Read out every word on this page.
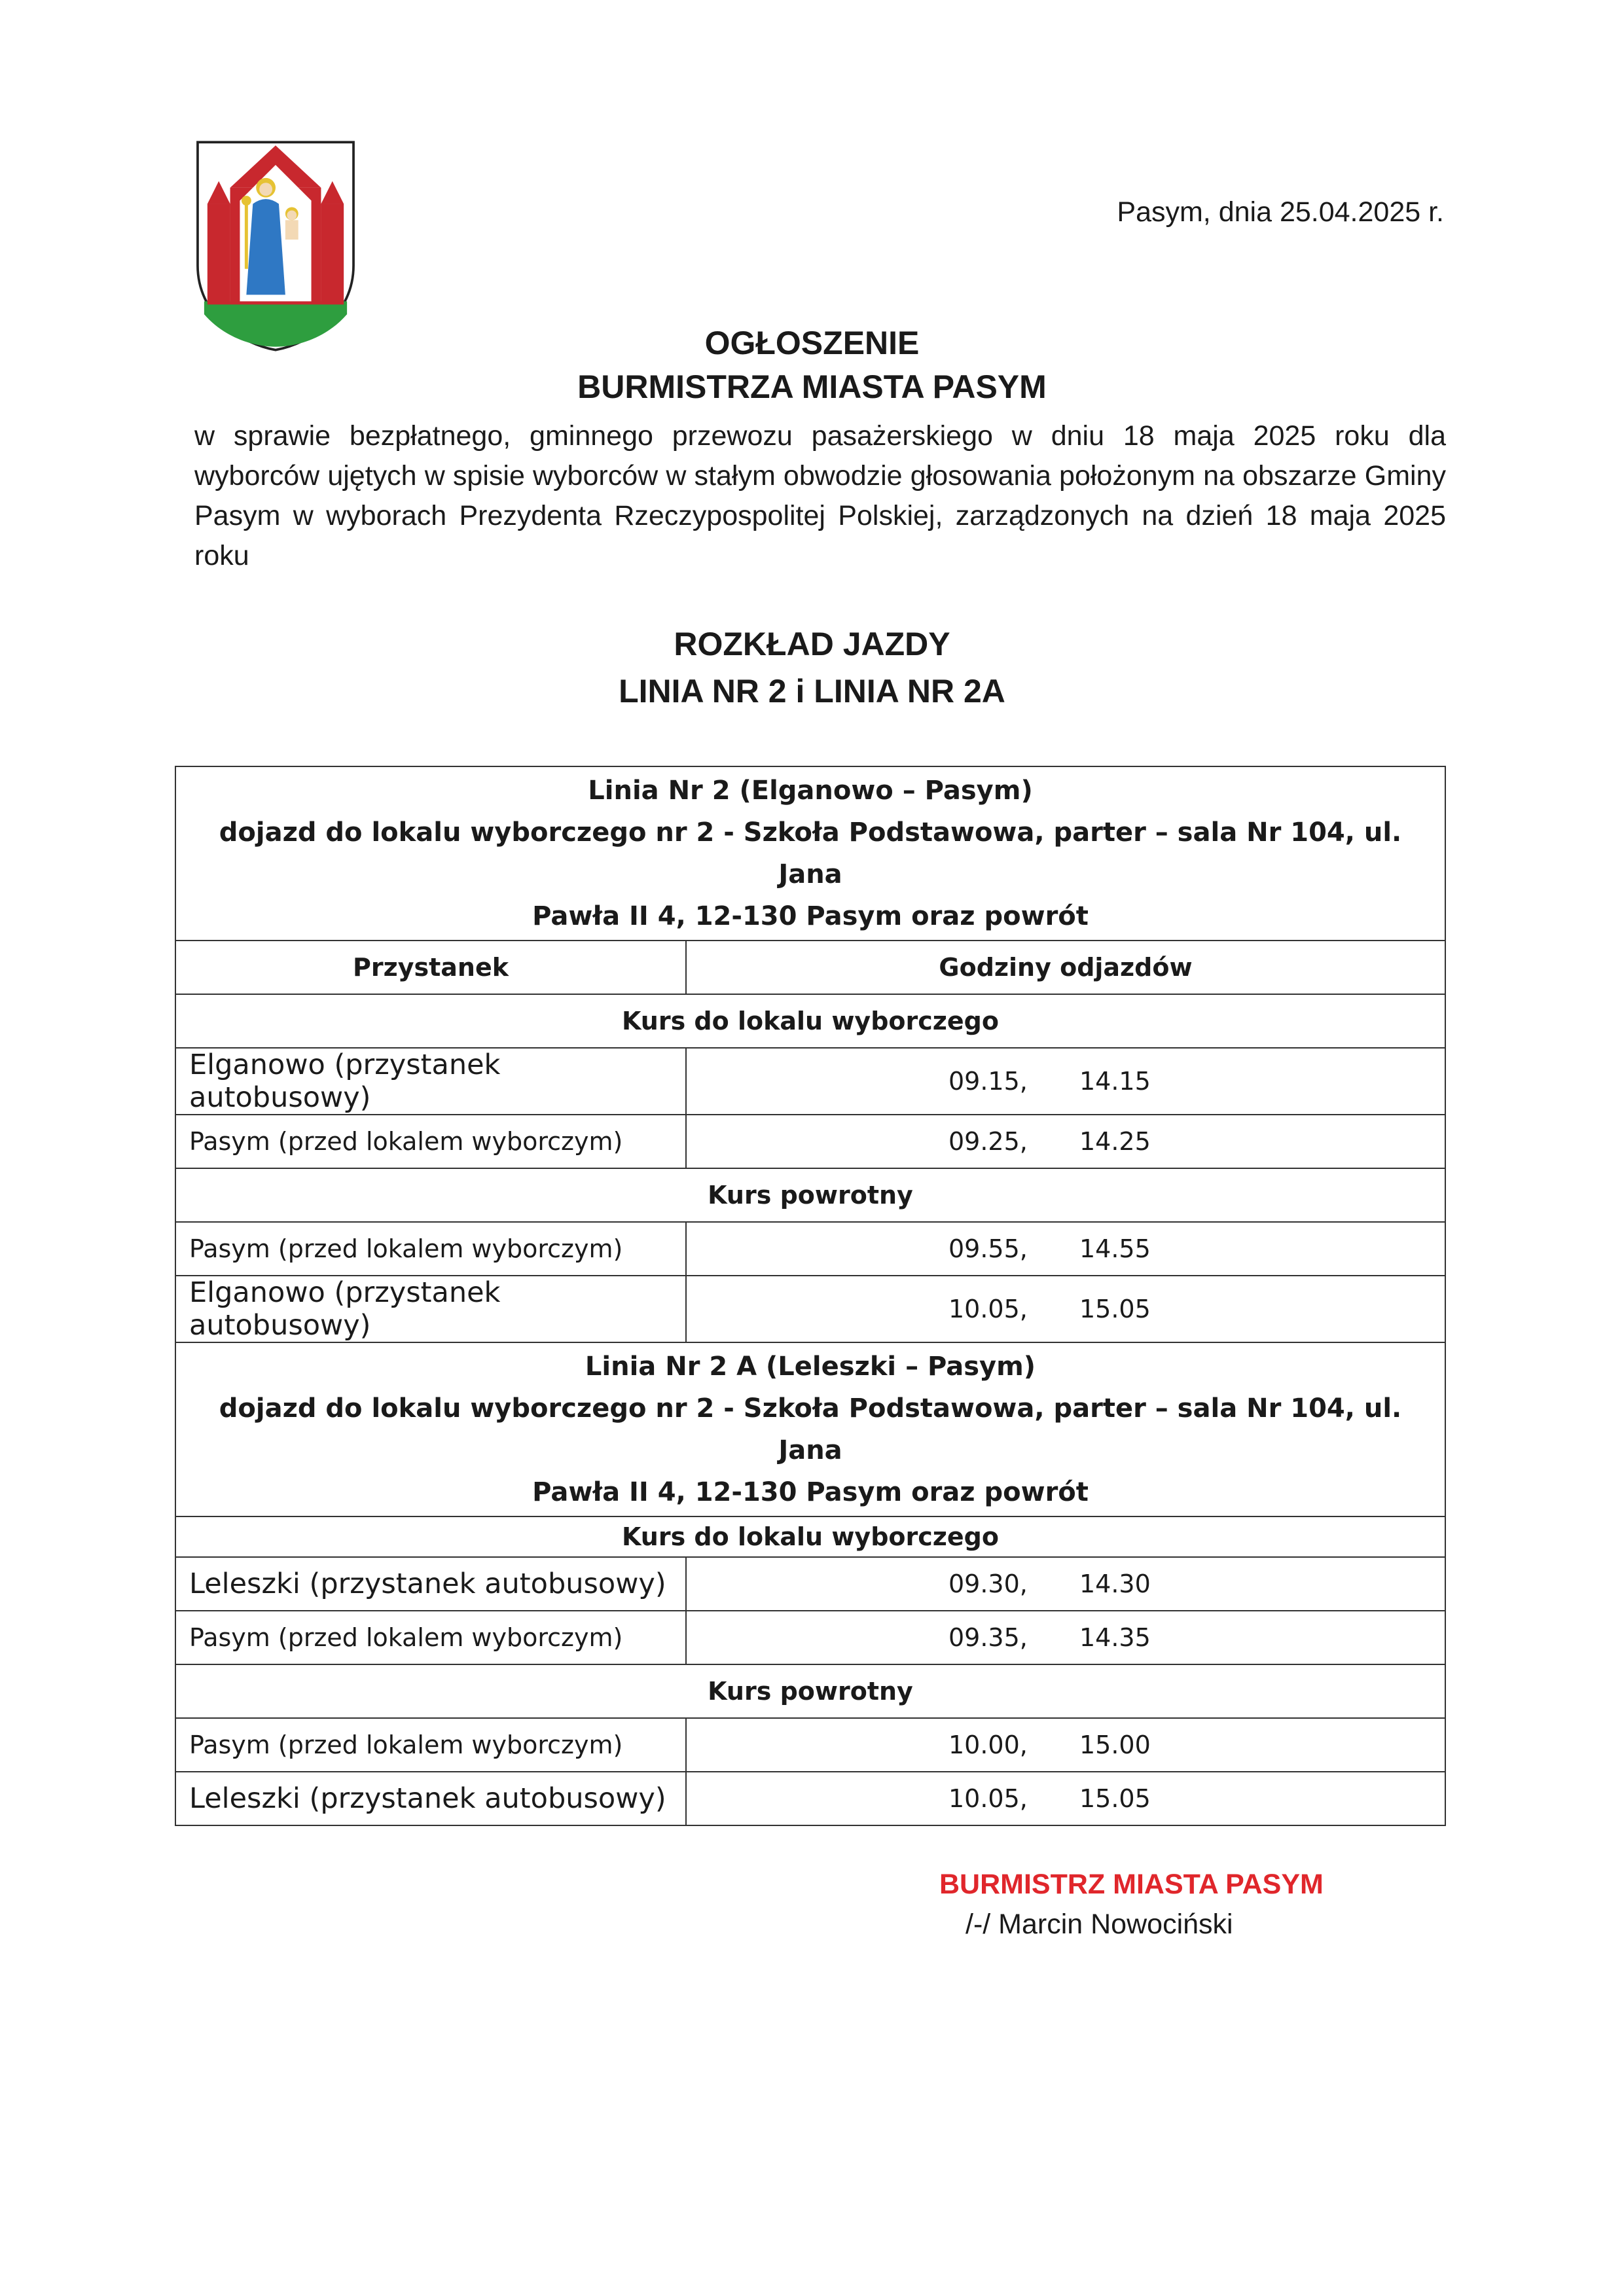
Pasym, dnia 25.04.2025 r.
OGŁOSZENIE
BURMISTRZA MIASTA PASYM
w sprawie bezpłatnego, gminnego przewozu pasażerskiego w dniu 18 maja 2025 roku dla wyborców ujętych w spisie wyborców w stałym obwodzie głosowania położonym na obszarze Gminy Pasym w wyborach Prezydenta Rzeczypospolitej Polskiej, zarządzonych na dzień 18 maja 2025 roku
ROZKŁAD JAZDY
LINIA NR 2 i LINIA NR 2A
Linia Nr 2 (Elganowo – Pasym)
dojazd do lokalu wyborczego nr 2 - Szkoła Podstawowa, parter – sala Nr 104, ul. Jana
Pawła II 4, 12-130 Pasym oraz powrót	

Przystanek	Godziny odjazdów
Kurs do lokalu wyborczego	
Elganowo (przystanek autobusowy)	09.15, 14.15
Pasym (przed lokalem wyborczym)	09.25, 14.25
Kurs powrotny	
Pasym (przed lokalem wyborczym)	09.55, 14.55
Elganowo (przystanek autobusowy)	10.05, 15.05

Linia Nr 2 A (Leleszki – Pasym)
dojazd do lokalu wyborczego nr 2 - Szkoła Podstawowa, parter – sala Nr 104, ul. Jana
Pawła II 4, 12-130 Pasym oraz powrót	

Kurs do lokalu wyborczego	
Leleszki (przystanek autobusowy)	09.30, 14.30
Pasym (przed lokalem wyborczym)	09.35, 14.35
Kurs powrotny	
Pasym (przed lokalem wyborczym)	10.00, 15.00
Leleszki (przystanek autobusowy)	10.05, 15.05
BURMISTRZ MIASTA PASYM
/-/ Marcin Nowociński
